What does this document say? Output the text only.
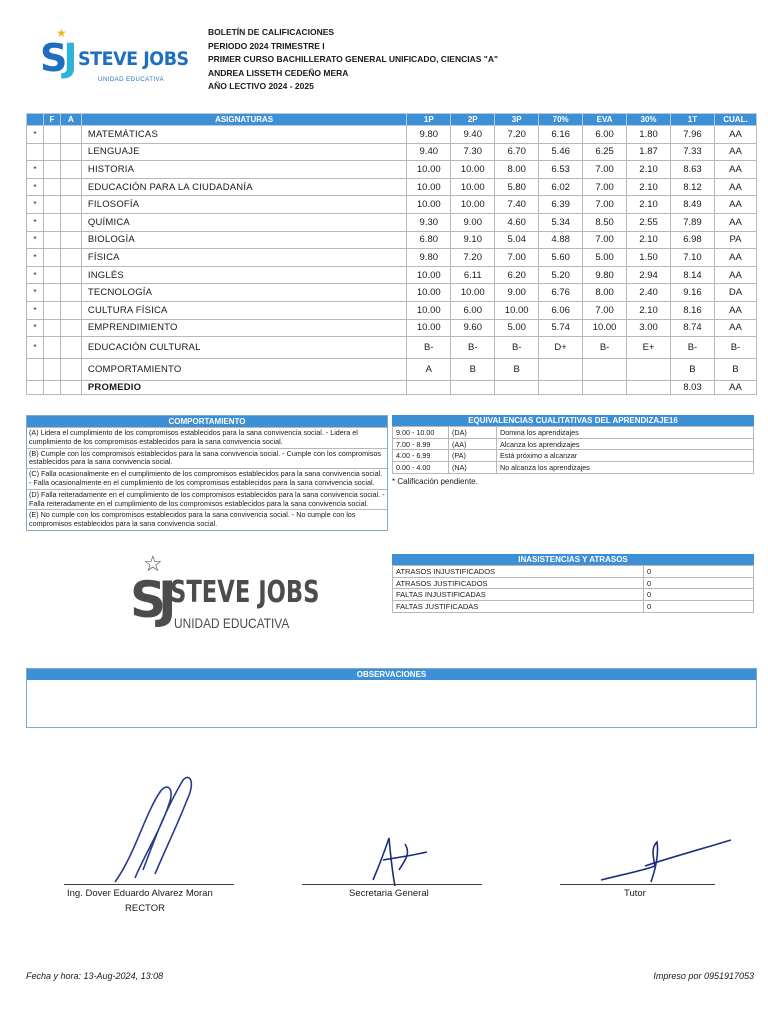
★
SJ STEVE JOBS
UNIDAD EDUCATIVA
BOLETÍN DE CALIFICACIONES
PERIODO 2024 TRIMESTRE I
PRIMER CURSO BACHILLERATO GENERAL UNIFICADO, CIENCIAS "A"
ANDREA LISSETH CEDEÑO MERA
AÑO LECTIVO 2024 - 2025
	F	A	ASIGNATURAS	1P	2P	3P	70%	EVA	30%	1T	CUAL.
*			MATEMÁTICAS	9.80	9.40	7.20	6.16	6.00	1.80	7.96	AA
			LENGUAJE	9.40	7.30	6.70	5.46	6.25	1.87	7.33	AA
*			HISTORIA	10.00	10.00	8.00	6.53	7.00	2.10	8.63	AA
*			EDUCACIÓN PARA LA CIUDADANÍA	10.00	10.00	5.80	6.02	7.00	2.10	8.12	AA
*			FILOSOFÍA	10.00	10.00	7.40	6.39	7.00	2.10	8.49	AA
*			QUÍMICA	9.30	9.00	4.60	5.34	8.50	2.55	7.89	AA
*			BIOLOGÍA	6.80	9.10	5.04	4.88	7.00	2.10	6.98	PA
*			FÍSICA	9.80	7.20	7.00	5.60	5.00	1.50	7.10	AA
*			INGLÉS	10.00	6.11	6.20	5.20	9.80	2.94	8.14	AA
*			TECNOLOGÍA	10.00	10.00	9.00	6.76	8.00	2.40	9.16	DA
*			CULTURA FÍSICA	10.00	6.00	10.00	6.06	7.00	2.10	8.16	AA
*			EMPRENDIMIENTO	10.00	9.60	5.00	5.74	10.00	3.00	8.74	AA
*			EDUCACIÓN CULTURAL	B-	B-	B-	D+	B-	E+	B-	B-
			COMPORTAMIENTO	A	B	B				B	B
			PROMEDIO							8.03	AA
COMPORTAMIENTO
(A) Lidera el cumplimiento de los compromisos establecidos para la sana convivencia social. - Lidera el cumplimiento de los compromisos establecidos para la sana convivencia social.
(B) Cumple con los compromisos establecidos para la sana convivencia social. - Cumple con los compromisos establecidos para la sana convivencia social.
(C) Falla ocasionalmente en el cumplimiento de los compromisos establecidos para la sana convivencia social. - Falla ocasionalmente en el cumplimiento de los compromisos establecidos para la sana convivencia social.
(D) Falla reiteradamente en el cumplimiento de los compromisos establecidos para la sana convivencia social. - Falla reiteradamente en el cumplimiento de los compromisos establecidos para la sana convivencia social.
(E) No cumple con los compromisos establecidos para la sana convivencia social. - No cumple con los compromisos establecidos para la sana convivencia social.
EQUIVALENCIAS CUALITATIVAS DEL APRENDIZAJE16
9.00 - 10.00	(DA)	Domina los aprendizajes
7.00 - 8.99	(AA)	Alcanza los aprendizajes
4.00 - 6.99	(PA)	Está próximo a alcanzar
0.00 - 4.00	(NA)	No alcanza los aprendizajes
* Calificación pendiente.
INASISTENCIAS Y ATRASOS
ATRASOS INJUSTIFICADOS	0
ATRASOS JUSTIFICADOS	0
FALTAS INJUSTIFICADAS	0
FALTAS JUSTIFICADAS	0
☆
SJ STEVE JOBS
UNIDAD EDUCATIVA
OBSERVACIONES
Ing. Dover Eduardo Alvarez Moran
RECTOR
Secretaria General	Tutor
Fecha y hora: 13-Aug-2024, 13:08	Impreso por 0951917053
